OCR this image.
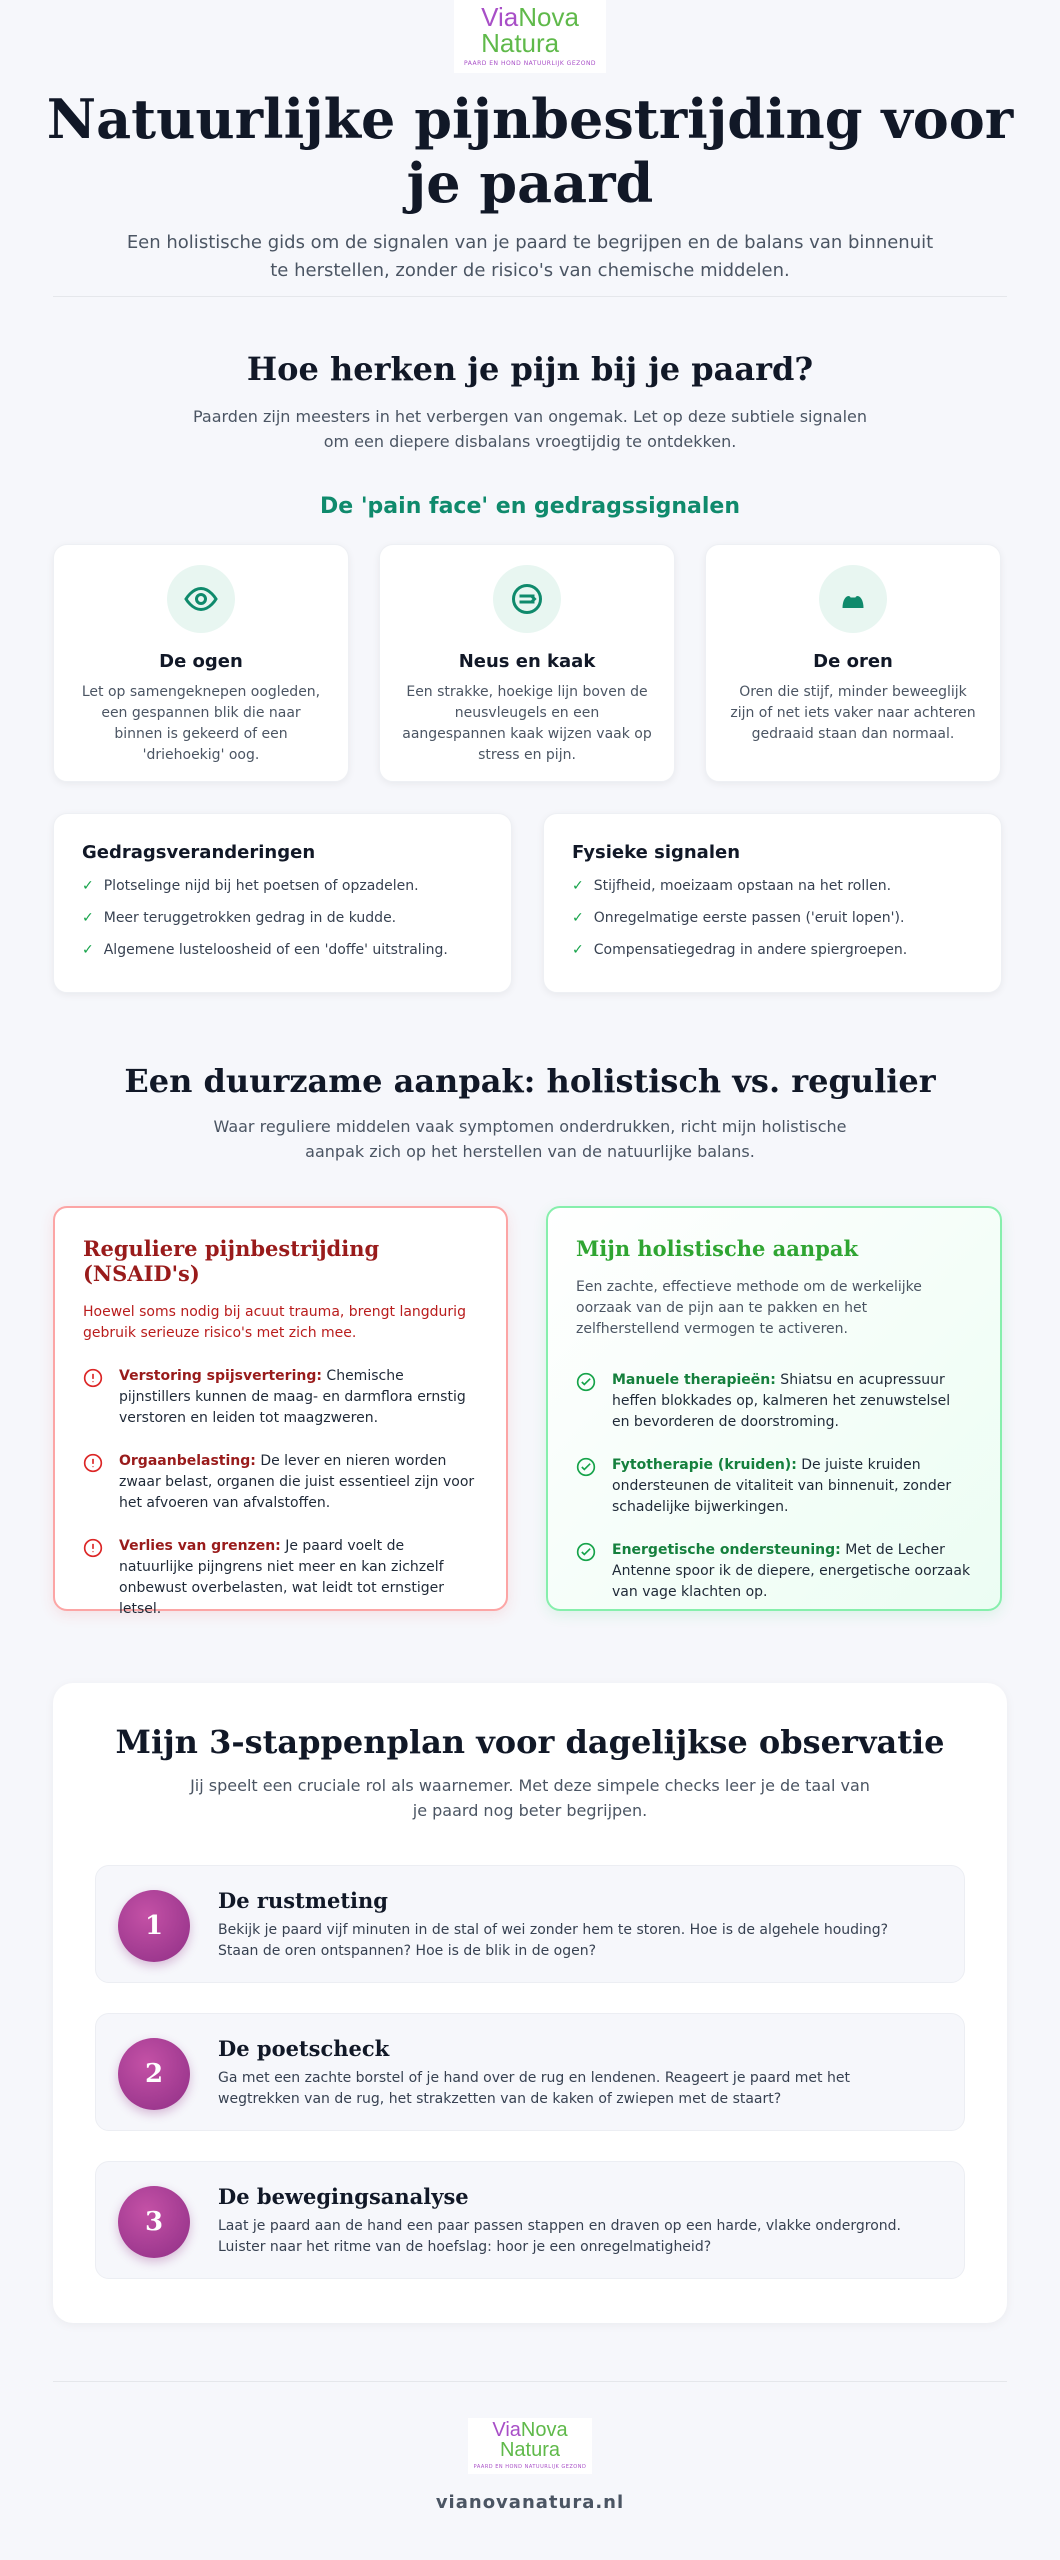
ViaNova
Natura
PAARD EN HOND NATUURLIJK GEZOND
Natuurlijke pijnbestrijding voor je paard

Een holistische gids om de signalen van je paard te begrijpen en de balans van binnenuit te herstellen, zonder de risico's van chemische middelen.

Hoe herken je pijn bij je paard?
Paarden zijn meesters in het verbergen van ongemak. Let op deze subtiele signalen om een diepere disbalans vroegtijdig te ontdekken.
De 'pain face' en gedragssignalen
De ogen
Let op samengeknepen oogleden, een gespannen blik die naar binnen is gekeerd of een 'driehoekig' oog.
Neus en kaak
Een strakke, hoekige lijn boven de neusvleugels en een aangespannen kaak wijzen vaak op stress en pijn.
De oren
Oren die stijf, minder beweeglijk zijn of net iets vaker naar achteren gedraaid staan dan normaal.
Gedragsveranderingen
✓ Plotselinge nijd bij het poetsen of opzadelen.
✓ Meer teruggetrokken gedrag in de kudde.
✓ Algemene lusteloosheid of een 'doffe' uitstraling.
Fysieke signalen
✓ Stijfheid, moeizaam opstaan na het rollen.
✓ Onregelmatige eerste passen ('eruit lopen').
✓ Compensatiegedrag in andere spiergroepen.
Een duurzame aanpak: holistisch vs. regulier
Waar reguliere middelen vaak symptomen onderdrukken, richt mijn holistische aanpak zich op het herstellen van de natuurlijke balans.
Reguliere pijnbestrijding (NSAID's)
Hoewel soms nodig bij acuut trauma, brengt langdurig gebruik serieuze risico's met zich mee.
Verstoring spijsvertering: Chemische pijnstillers kunnen de maag- en darmflora ernstig verstoren en leiden tot maagzweren.
Orgaanbelasting: De lever en nieren worden zwaar belast, organen die juist essentieel zijn voor het afvoeren van afvalstoffen.
Verlies van grenzen: Je paard voelt de natuurlijke pijngrens niet meer en kan zichzelf onbewust overbelasten, wat leidt tot ernstiger letsel.
Mijn holistische aanpak
Een zachte, effectieve methode om de werkelijke oorzaak van de pijn aan te pakken en het zelfherstellend vermogen te activeren.
Manuele therapieën: Shiatsu en acupressuur heffen blokkades op, kalmeren het zenuwstelsel en bevorderen de doorstroming.
Fytotherapie (kruiden): De juiste kruiden ondersteunen de vitaliteit van binnenuit, zonder schadelijke bijwerkingen.
Energetische ondersteuning: Met de Lecher Antenne spoor ik de diepere, energetische oorzaak van vage klachten op.
Mijn 3-stappenplan voor dagelijkse observatie
Jij speelt een cruciale rol als waarnemer. Met deze simpele checks leer je de taal van je paard nog beter begrijpen.
1
De rustmeting

Bekijk je paard vijf minuten in de stal of wei zonder hem te storen. Hoe is de algehele houding? Staan de oren ontspannen? Hoe is de blik in de ogen?

2
De poetscheck

Ga met een zachte borstel of je hand over de rug en lendenen. Reageert je paard met het wegtrekken van de rug, het strakzetten van de kaken of zwiepen met de staart?

3
De bewegingsanalyse

Laat je paard aan de hand een paar passen stappen en draven op een harde, vlakke ondergrond. Luister naar het ritme van de hoefslag: hoor je een onregelmatigheid?

ViaNova
Natura
PAARD EN HOND NATUURLIJK GEZOND
vianovanatura.nl
